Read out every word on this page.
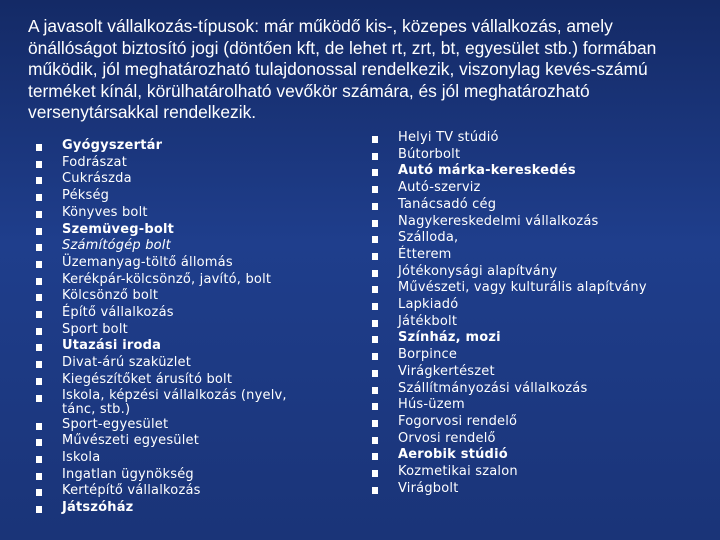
A javasolt vállalkozás-típusok: már működő kis-, közepes vállalkozás, amely önállóságot biztosító jogi (döntően kft, de lehet rt, zrt, bt, egyesület stb.) formában működik, jól meghatározható tulajdonossal rendelkezik, viszonylag kevés-számú terméket kínál, körülhatárolható vevőkör számára, és jól meghatározható versenytársakkal rendelkezik.

Gyógyszertár
Fodrászat
Cukrászda
Pékség
Könyves bolt
Szemüveg-bolt
Számítógép bolt
Üzemanyag-töltő állomás
Kerékpár-kölcsönző, javító, bolt
Kölcsönző bolt
Építő vállalkozás
Sport bolt
Utazási iroda
Divat-árú szaküzlet
Kiegészítőket árusító bolt
Iskola, képzési vállalkozás (nyelv, tánc, stb.)
Sport-egyesület
Művészeti egyesület
Iskola
Ingatlan ügynökség
Kertépítő vállalkozás
Játszóház
Helyi TV stúdió
Bútorbolt
Autó márka-kereskedés
Autó-szerviz
Tanácsadó cég
Nagykereskedelmi vállalkozás
Szálloda,
Étterem
Jótékonysági alapítvány
Művészeti, vagy kulturális alapítvány
Lapkiadó
Játékbolt
Színház, mozi
Borpince
Virágkertészet
Szállítmányozási vállalkozás
Hús-üzem
Fogorvosi rendelő
Orvosi rendelő
Aerobik stúdió
Kozmetikai szalon
Virágbolt
